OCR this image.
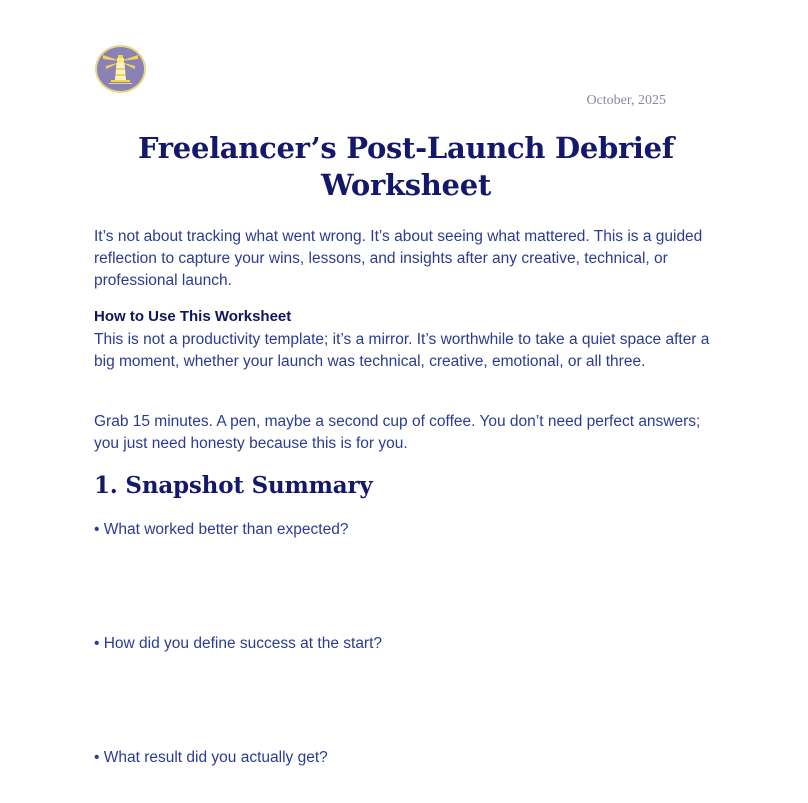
October, 2025
Freelancer’s Post-Launch Debrief Worksheet

It’s not about tracking what went wrong. It’s about seeing what mattered. This is a guided reflection to capture your wins, lessons, and insights after any creative, technical, or professional launch.

How to Use This Worksheet

This is not a productivity template; it’s a mirror. It’s worthwhile to take a quiet space after a big moment, whether your launch was technical, creative, emotional, or all three.

Grab 15 minutes. A pen, maybe a second cup of coffee. You don’t need perfect answers; you just need honesty because this is for you.

1. Snapshot Summary
• What worked better than expected?
• How did you define success at the start?
• What result did you actually get?
